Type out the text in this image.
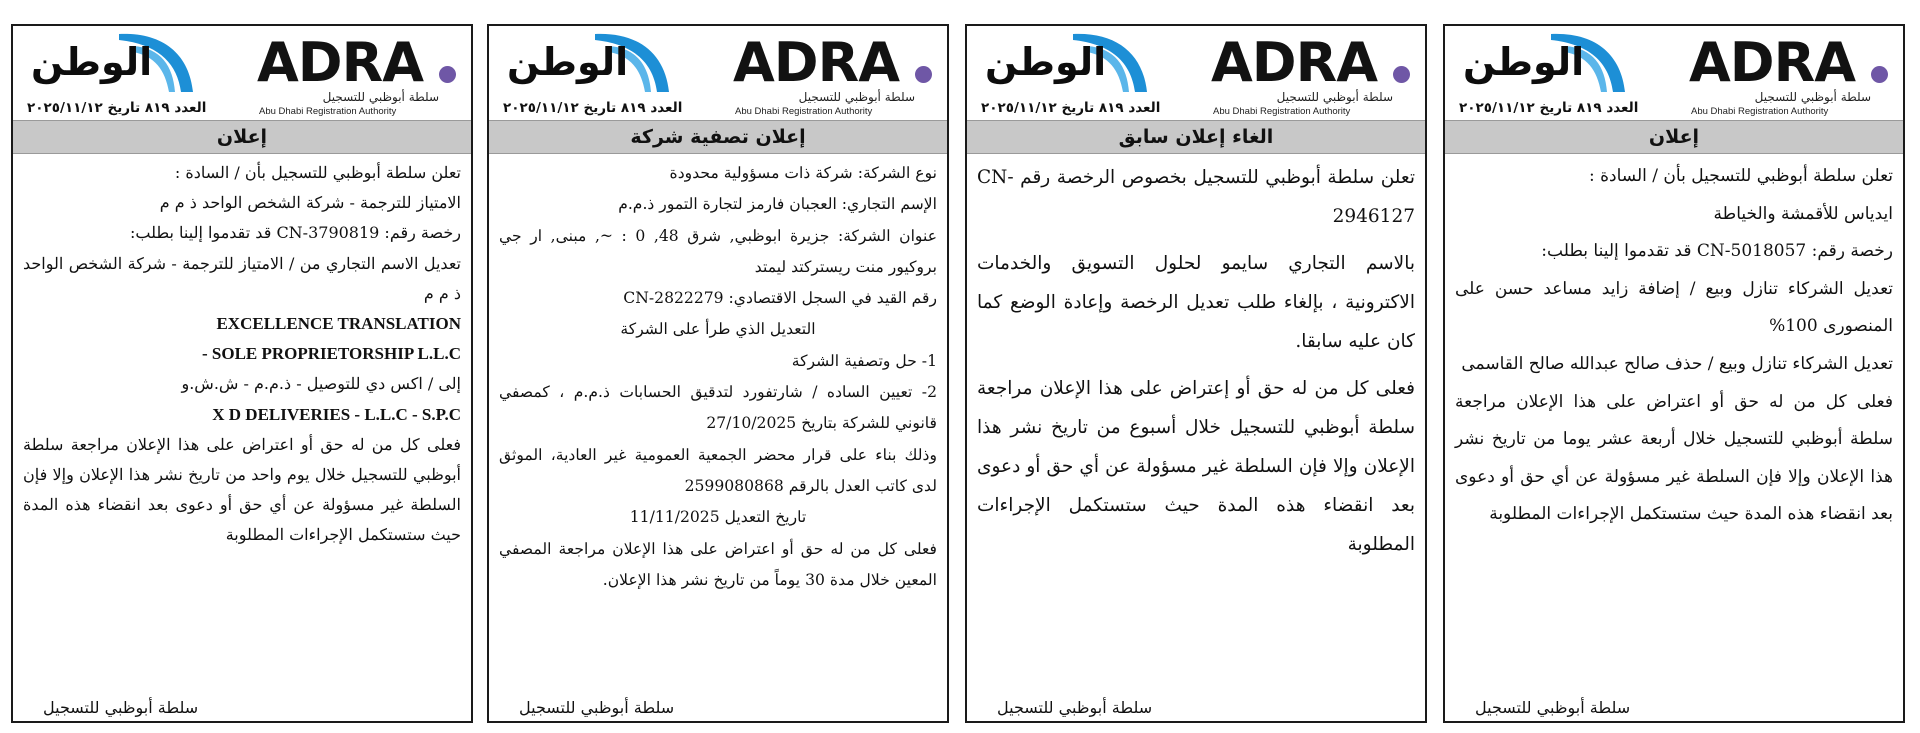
ADRA
سلطة أبوظبي للتسجيل
Abu Dhabi Registration Authority
الوطن
العدد ٨١٩ تاريخ ٢٠٢٥/١١/١٢
إعلان

تعلن سلطة أبوظبي للتسجيل بأن / السادة :

ايدياس للأقمشة والخياطة

رخصة رقم: CN-5018057 قد تقدموا إلينا بطلب:

تعديل الشركاء تنازل وبيع / إضافة زايد مساعد حسن على المنصورى 100%

تعديل الشركاء تنازل وبيع / حذف صالح عبدالله صالح القاسمى

فعلى كل من له حق أو اعتراض على هذا الإعلان مراجعة سلطة أبوظبي للتسجيل خلال أربعة عشر يوما من تاريخ نشر هذا الإعلان وإلا فإن السلطة غير مسؤولة عن أي حق أو دعوى بعد انقضاء هذه المدة حيث ستستكمل الإجراءات المطلوبة

سلطة أبوظبي للتسجيل
ADRA
سلطة أبوظبي للتسجيل
Abu Dhabi Registration Authority
الوطن
العدد ٨١٩ تاريخ ٢٠٢٥/١١/١٢
الغاء إعلان سابق

تعلن سلطة أبوظبي للتسجيل بخصوص الرخصة رقم CN-2946127

بالاسم التجاري سايمو لحلول التسويق والخدمات الاكترونية ، بإلغاء طلب تعديل الرخصة وإعادة الوضع كما كان عليه سابقا.

فعلى كل من له حق أو إعتراض على هذا الإعلان مراجعة سلطة أبوظبي للتسجيل خلال أسبوع من تاريخ نشر هذا الإعلان وإلا فإن السلطة غير مسؤولة عن أي حق أو دعوى بعد انقضاء هذه المدة حيث ستستكمل الإجراءات المطلوبة

سلطة أبوظبي للتسجيل
ADRA
سلطة أبوظبي للتسجيل
Abu Dhabi Registration Authority
الوطن
العدد ٨١٩ تاريخ ٢٠٢٥/١١/١٢
إعلان تصفية شركة

نوع الشركة: شركة ذات مسؤولية محدودة

الإسم التجاري: العجبان فارمز لتجارة التمور ذ.م.م

عنوان الشركة: جزيرة ابوظبي, شرق 48, 0 : ~, مبنى, ار جي بروكيور منت ريستركتد ليمتد

رقم القيد في السجل الاقتصادي: CN-2822279

التعديل الذي طرأ على الشركة

1- حل وتصفية الشركة

2- تعيين الساده / شارتفورد لتدقيق الحسابات ذ.م.م ، كمصفي قانوني للشركة بتاريخ 27/10/2025

وذلك بناء على قرار محضر الجمعية العمومية غير العادية، الموثق لدى كاتب العدل بالرقم 2599080868

تاريخ التعديل 11/11/2025

فعلى كل من له حق أو اعتراض على هذا الإعلان مراجعة المصفي المعين خلال مدة 30 يوماً من تاريخ نشر هذا الإعلان.

سلطة أبوظبي للتسجيل
ADRA
سلطة أبوظبي للتسجيل
Abu Dhabi Registration Authority
الوطن
العدد ٨١٩ تاريخ ٢٠٢٥/١١/١٢
إعلان

تعلن سلطة أبوظبي للتسجيل بأن / السادة :

الامتياز للترجمة - شركة الشخص الواحد ذ م م

رخصة رقم: CN-3790819 قد تقدموا إلينا بطلب:

تعديل الاسم التجاري من / الامتياز للترجمة - شركة الشخص الواحد ذ م م

EXCELLENCE TRANSLATION

- SOLE PROPRIETORSHIP L.L.C

إلى / اكس دي للتوصيل - ذ.م.م - ش.ش.و

X D DELIVERIES - L.L.C - S.P.C

فعلى كل من له حق أو اعتراض على هذا الإعلان مراجعة سلطة أبوظبي للتسجيل خلال يوم واحد من تاريخ نشر هذا الإعلان وإلا فإن السلطة غير مسؤولة عن أي حق أو دعوى بعد انقضاء هذه المدة حيث ستستكمل الإجراءات المطلوبة

سلطة أبوظبي للتسجيل
